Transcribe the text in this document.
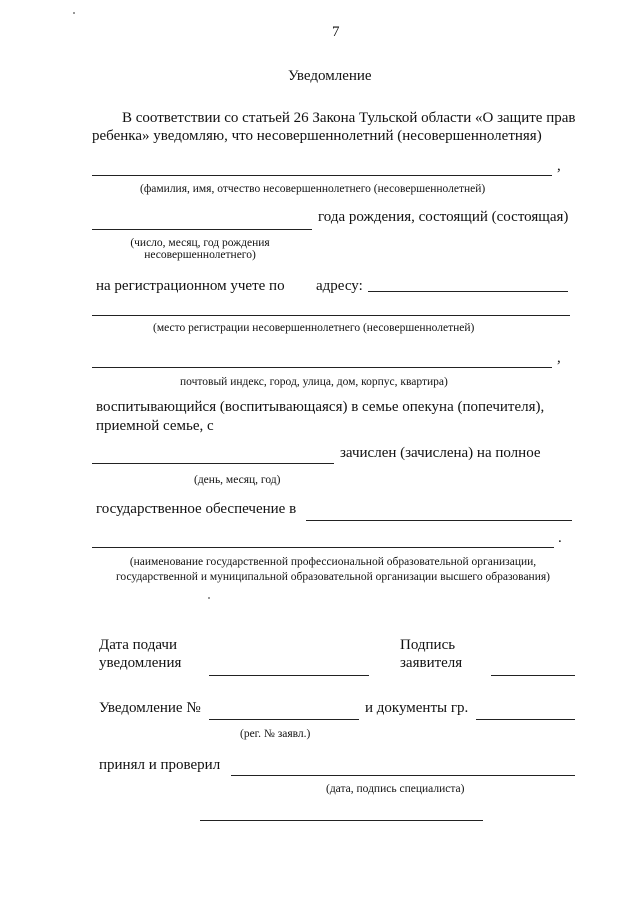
7
Уведомление
В соответствии со статьей 26 Закона Тульской области «О защите прав
ребенка» уведомляю, что несовершеннолетний (несовершеннолетняя)
,
(фамилия, имя, отчество несовершеннолетнего (несовершеннолетней)
года рождения, состоящий (состоящая)
(число, месяц, год рождения
несовершеннолетнего)
на регистрационном учете по адресу:
(место регистрации несовершеннолетнего (несовершеннолетней)
,
почтовый индекс, город, улица, дом, корпус, квартира)
воспитывающийся (воспитывающаяся) в семье опекуна (попечителя),
приемной семье, с
зачислен (зачислена) на полное
(день, месяц, год)
государственное обеспечение в
.
(наименование государственной профессиональной образовательной организации, государственной и муниципальной образовательной организации высшего образования)
Дата подачи
уведомления
Подпись
заявителя
Уведомление №	и документы гр.
(рег. № заявл.)
принял и проверил
(дата, подпись специалиста)
